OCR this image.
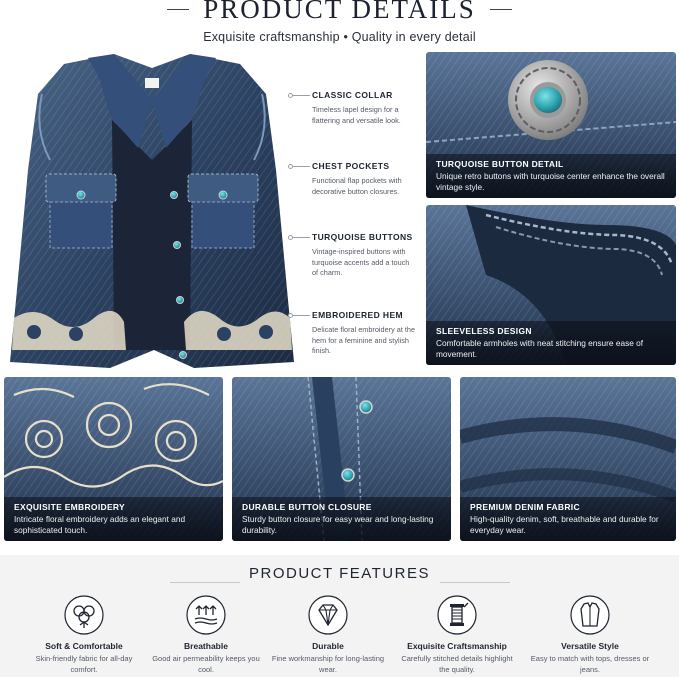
PRODUCT DETAILS
Exquisite craftsmanship • Quality in every detail
CLASSIC COLLAR
Timeless lapel design for a flattering and versatile look.
CHEST POCKETS
Functional flap pockets with decorative button closures.
TURQUOISE BUTTONS
Vintage-inspired buttons with turquoise accents add a touch of charm.
EMBROIDERED HEM
Delicate floral embroidery at the hem for a feminine and stylish finish.
TURQUOISE BUTTON DETAIL
Unique retro buttons with turquoise center enhance the overall vintage style.
SLEEVELESS DESIGN
Comfortable armholes with neat stitching ensure ease of movement.
EXQUISITE EMBROIDERY
Intricate floral embroidery adds an elegant and sophisticated touch.
DURABLE BUTTON CLOSURE
Sturdy button closure for easy wear and long-lasting durability.
PREMIUM DENIM FABRIC
High-quality denim, soft, breathable and durable for everyday wear.
PRODUCT FEATURES
Soft & Comfortable
Skin-friendly fabric for all-day comfort.
Breathable
Good air permeability keeps you cool.
Durable
Fine workmanship for long-lasting wear.
Exquisite Craftsmanship
Carefully stitched details highlight the quality.
Versatile Style
Easy to match with tops, dresses or jeans.
